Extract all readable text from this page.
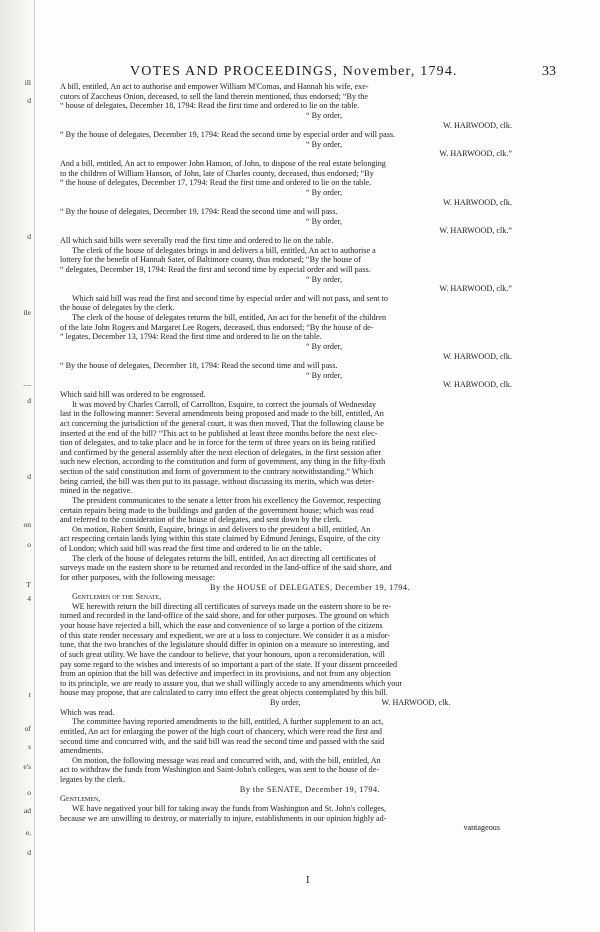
ill
d
d
ile
—
d
d
on
o
T
4
r
of
s
e's
o
ad
e,
d
VOTES AND PROCEEDINGS, November, 1794.	33
A bill, entitled, An act to authorise and empower William M'Comas, and Hannah his wife, exe-
cutors of Zaccheus Onion, deceased, to sell the land therein mentioned, thus endorsed; “By the
“ house of delegates, December 18, 1794: Read the first time and ordered to lie on the table.
“ By order,
W. HARWOOD, clk.
“ By the house of delegates, December 19, 1794: Read the second time by especial order and will pass.
“ By order,
W. HARWOOD, clk.”
And a bill, entitled, An act to empower John Hanson, of John, to dispose of the real estate belonging
to the children of William Hanson, of John, late of Charles county, deceased, thus endorsed; “By
“ the house of delegates, December 17, 1794: Read the first time and ordered to lie on the table.
“ By order,
W. HARWOOD, clk.
“ By the house of delegates, December 19, 1794: Read the second time and will pass.
“ By order,
W. HARWOOD, clk.”
All which said bills were severally read the first time and ordered to lie on the table.
The clerk of the house of delegates brings in and delivers a bill, entitled, An act to authorise a
lottery for the benefit of Hannah Sater, of Baltimore county, thus endorsed; “By the house of
“ delegates, December 19, 1794: Read the first and second time by especial order and will pass.
“ By order,
W. HARWOOD, clk.”
Which said bill was read the first and second time by especial order and will not pass, and sent to
the house of delegates by the clerk.
The clerk of the house of delegates returns the bill, entitled, An act for the benefit of the children
of the late John Rogers and Margaret Lee Rogers, deceased, thus endorsed; “By the house of de-
“ legates, December 13, 1794: Read the first time and ordered to lie on the table.
“ By order,
W. HARWOOD, clk.
“ By the house of delegates, December 18, 1794: Read the second time and will pass.
“ By order,
W. HARWOOD, clk.
Which said bill was ordered to be engrossed.
It was moved by Charles Carroll, of Carrollton, Esquire, to correct the journals of Wednesday
last in the following manner: Several amendments being proposed and made to the bill, entitled, An
act concerning the jurisdiction of the general court, it was then moved, That the following clause be
inserted at the end of the bill? “This act to be published at least three months before the next elec-
tion of delegates, and to take place and be in force for the term of three years on its being ratified
and confirmed by the general assembly after the next election of delegates, in the first session after
such new election, according to the constitution and form of government, any thing in the fifty-fixth
section of the said constitution and form of government to the contrary notwithstanding.” Which
being carried, the bill was then put to its passage, without discussing its merits, which was deter-
mined in the negative.
The president communicates to the senate a letter from his excellency the Governor, respecting
certain repairs being made to the buildings and garden of the government house; which was read
and referred to the consideration of the house of delegates, and sent down by the clerk.
On motion, Robert Smith, Esquire, brings in and delivers to the president a bill, entitled, An
act respecting certain lands lying within this state claimed by Edmund Jenings, Esquire, of the city
of London; which said bill was read the first time and ordered to lie on the table.
The clerk of the house of delegates returns the bill, entitled, An act directing all certificates of
surveys made on the eastern shore to be returned and recorded in the land-office of the said shore, and
for other purposes, with the following message:
By the HOUSE of DELEGATES, December 19, 1794.
Gentlemen of the Senate,
WE herewith return the bill directing all certificates of surveys made on the eastern shore to be re-
turned and recorded in the land-office of the said shore, and for other purposes. The ground on which
your house have rejected a bill, which the ease and convenience of so large a portion of the citizens
of this state render necessary and expedient, we are at a loss to conjecture. We consider it as a misfor-
tune, that the two branches of the legislature should differ in opinion on a measure so interesting, and
of such great utility. We have the candour to believe, that your honours, upon a reconsideration, will
pay some regard to the wishes and interests of so important a part of the state. If your dissent proceeded
from an opinion that the bill was defective and imperfect in its provisions, and not from any objection
to its principle, we are ready to assure you, that we shall willingly accede to any amendments which your
house may propose, that are calculated to carry into effect the great objects contemplated by this bill.
By order,                                        W. HARWOOD, clk.
Which was read.
The committee having reported amendments to the bill, entitled, A further supplement to an act,
entitled, An act for enlarging the power of the high court of chancery, which were read the first and
second time and concurred with, and the said bill was read the second time and passed with the said
amendments.
On motion, the following message was read and concurred with, and, with the bill, entitled, An
act to withdraw the funds from Washington and Saint-John's colleges, was sent to the house of de-
legates by the clerk.
By the SENATE, December 19, 1794.
Gentlemen,
WE have negatived your bill for taking away the funds from Washington and St. John's colleges,
because we are unwilling to destroy, or materially to injure, establishments in our opinion highly ad-
vantageous
I
